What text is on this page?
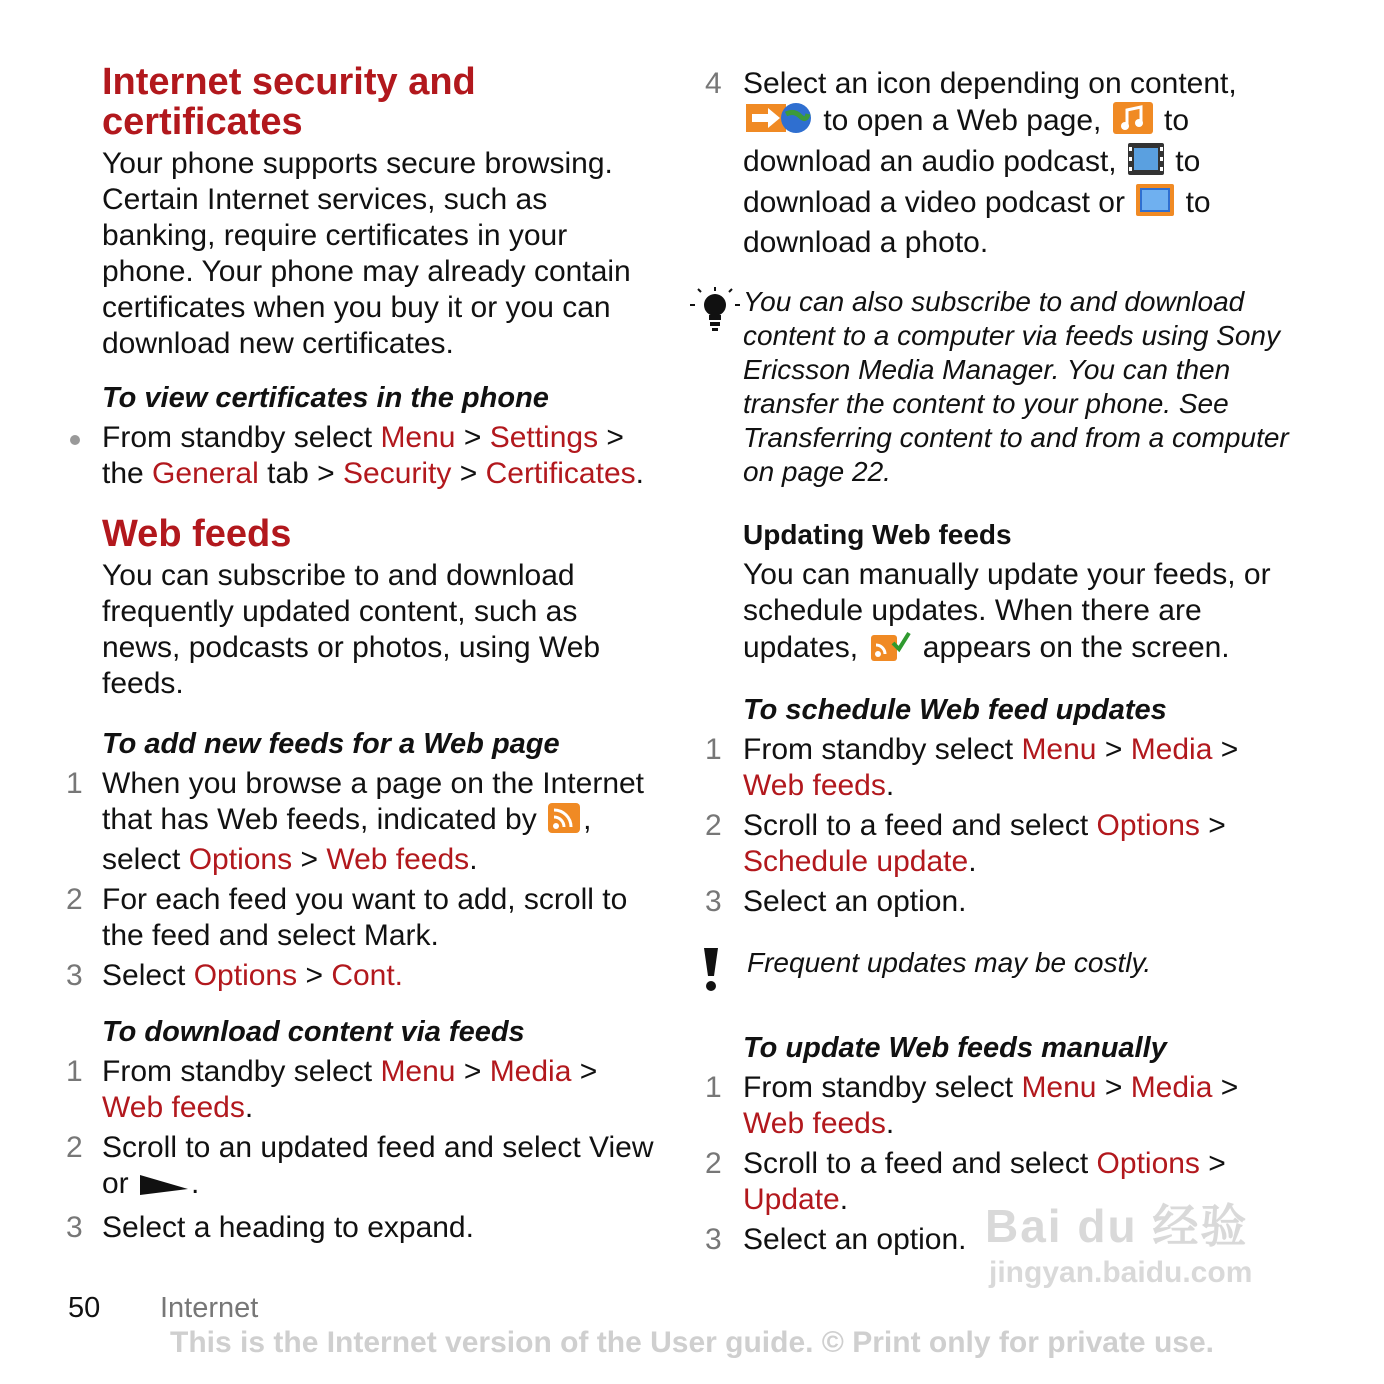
Internet security and certificates

Your phone supports secure browsing. Certain Internet services, such as banking, require certificates in your phone. Your phone may already contain certificates when you buy it or you can download new certificates.

To view certificates in the phone
From standby select Menu > Settings > the General tab > Security > Certificates.
Web feeds

You can subscribe to and download frequently updated content, such as news, podcasts or photos, using Web feeds.

To add new feeds for a Web page
1 When you browse a page on the Internet that has Web feeds, indicated by , select Options > Web feeds.
2 For each feed you want to add, scroll to the feed and select Mark.
3 Select Options > Cont.
To download content via feeds
1 From standby select Menu > Media > Web feeds.
2 Scroll to an updated feed and select View or .
3 Select a heading to expand.
4 Select an icon depending on content,  to open a Web page,  to download an audio podcast,  to download a video podcast or  to download a photo.
You can also subscribe to and download content to a computer via feeds using Sony Ericsson Media Manager. You can then transfer the content to your phone. See Transferring content to and from a computer on page 22.
Updating Web feeds

You can manually update your feeds, or schedule updates. When there are updates,  appears on the screen.

To schedule Web feed updates
1 From standby select Menu > Media > Web feeds.
2 Scroll to a feed and select Options > Schedule update.
3 Select an option.
Frequent updates may be costly.
To update Web feeds manually
1 From standby select Menu > Media > Web feeds.
2 Scroll to a feed and select Options > Update.
3 Select an option. Bai du 经验
jingyan.baidu.com
50 Internet
This is the Internet version of the User guide. © Print only for private use.
